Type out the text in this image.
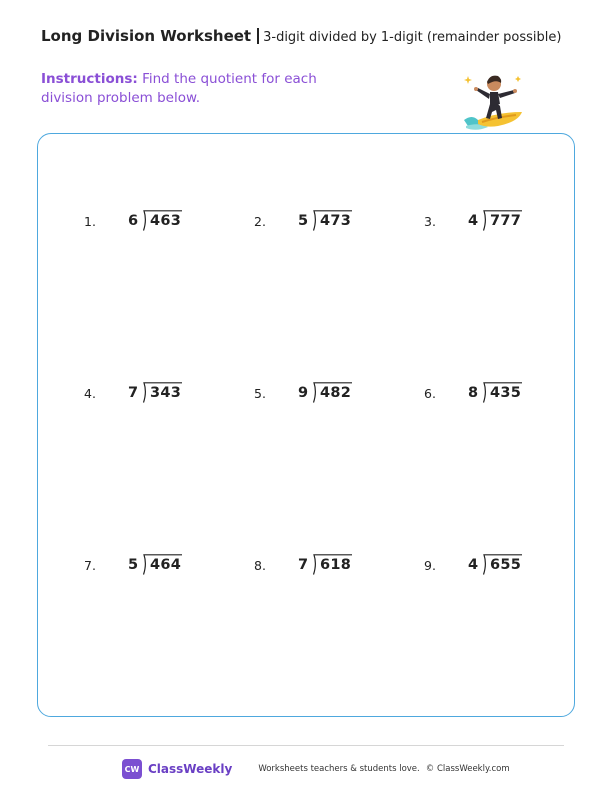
Long Division Worksheet 3-digit divided by 1-digit (remainder possible)
Instructions: Find the quotient for each division problem below.
1. 6 463	2. 5 473	3. 4 777
4. 7 343	5. 9 482	6. 8 435
7. 5 464	8. 7 618	9. 4 655
CW ClassWeekly	Worksheets teachers & students love. © ClassWeekly.com
